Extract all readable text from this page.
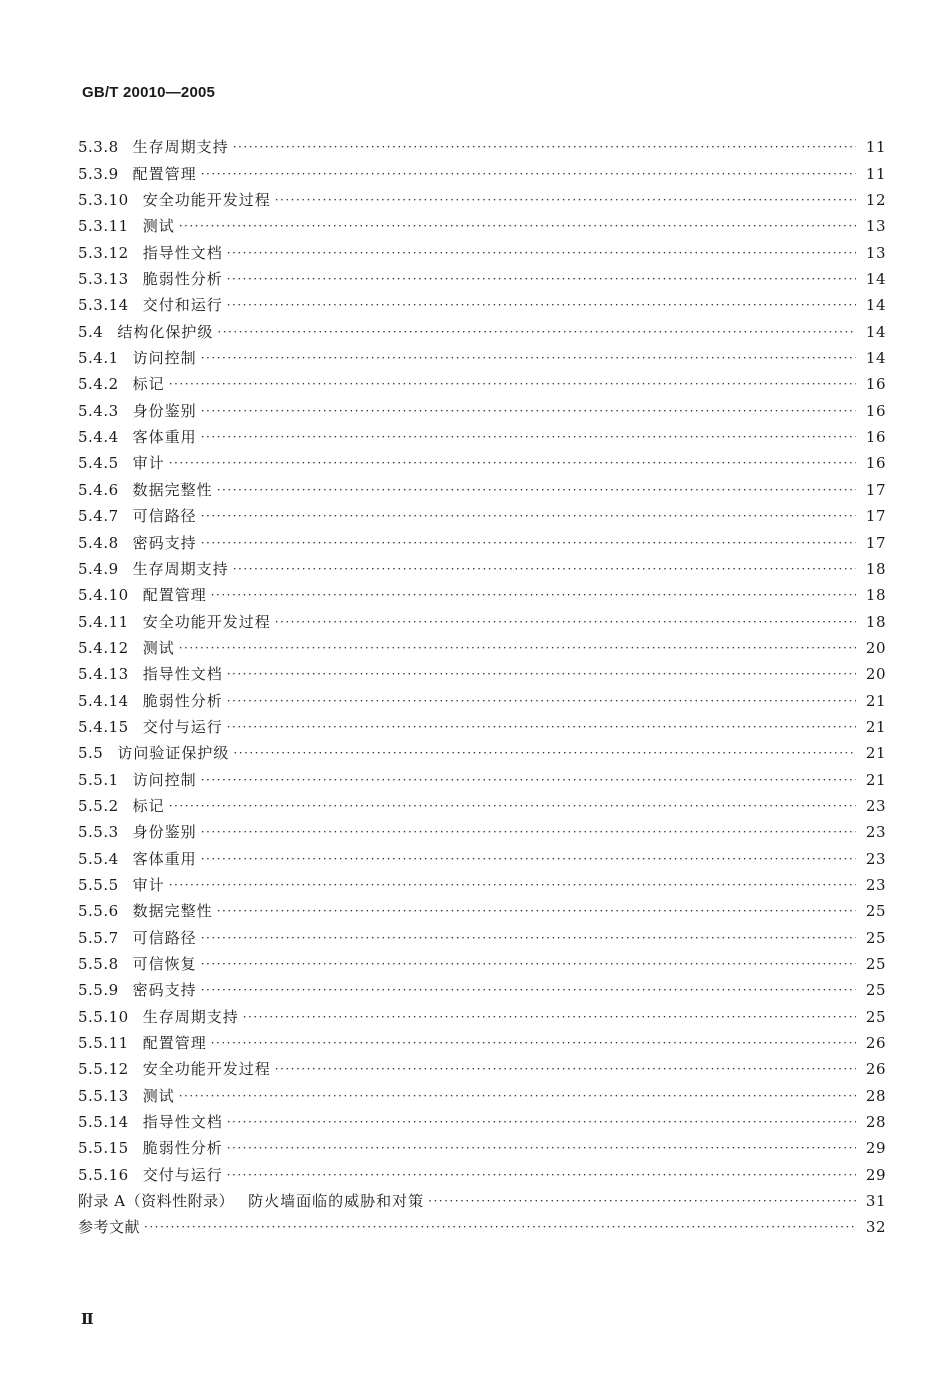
GB/T 20010—2005
5.3.8 生存周期支持 ·····	11
5.3.9 配置管理 ·····	11
5.3.10 安全功能开发过程 ·····	12
5.3.11 测试 ·····	13
5.3.12 指导性文档 ·····	13
5.3.13 脆弱性分析 ·····	14
5.3.14 交付和运行 ·····	14
5.4 结构化保护级 ·····	14
5.4.1 访问控制 ·····	14
5.4.2 标记 ·····	16
5.4.3 身份鉴别 ·····	16
5.4.4 客体重用 ·····	16
5.4.5 审计 ·····	16
5.4.6 数据完整性 ·····	17
5.4.7 可信路径 ·····	17
5.4.8 密码支持 ·····	17
5.4.9 生存周期支持 ·····	18
5.4.10 配置管理 ·····	18
5.4.11 安全功能开发过程 ·····	18
5.4.12 测试 ·····	20
5.4.13 指导性文档 ·····	20
5.4.14 脆弱性分析 ·····	21
5.4.15 交付与运行 ·····	21
5.5 访问验证保护级 ·····	21
5.5.1 访问控制 ·····	21
5.5.2 标记 ·····	23
5.5.3 身份鉴别 ·····	23
5.5.4 客体重用 ·····	23
5.5.5 审计 ·····	23
5.5.6 数据完整性 ·····	25
5.5.7 可信路径 ·····	25
5.5.8 可信恢复 ·····	25
5.5.9 密码支持 ·····	25
5.5.10 生存周期支持 ·····	25
5.5.11 配置管理 ·····	26
5.5.12 安全功能开发过程 ·····	26
5.5.13 测试 ·····	28
5.5.14 指导性文档 ·····	28
5.5.15 脆弱性分析 ·····	29
5.5.16 交付与运行 ·····	29
附录 A（资料性附录） 防火墙面临的威胁和对策 ·····	31
参考文献 ·····	32
Ⅱ
